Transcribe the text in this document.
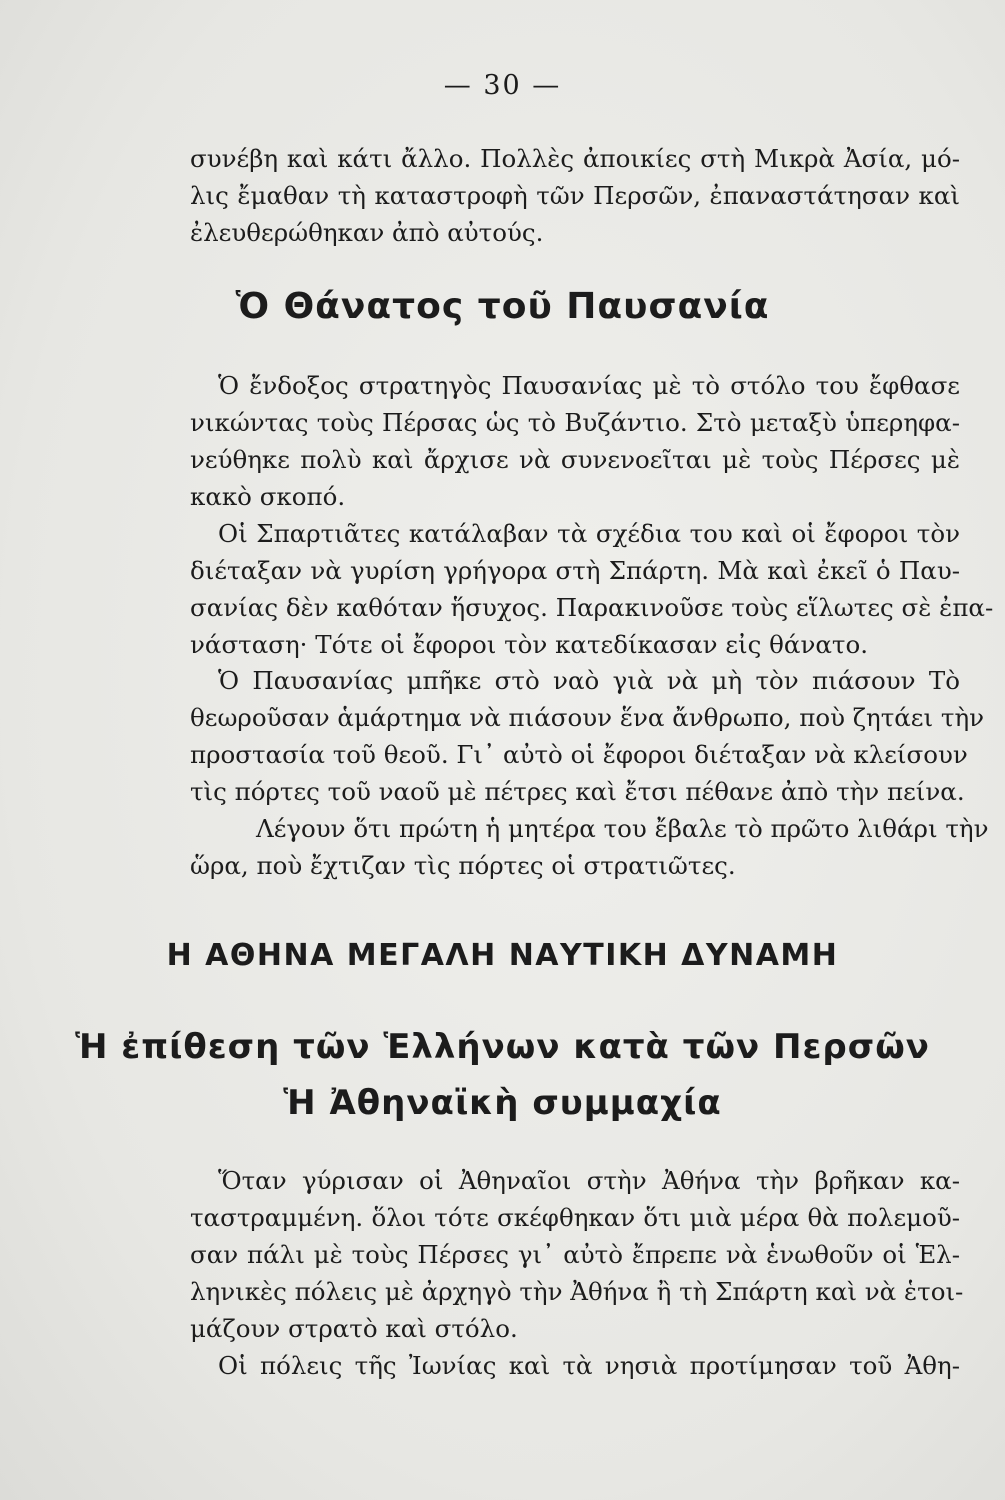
— 30 —
συνέβη καὶ κάτι ἄλλο. Πολλὲς ἀποικίες στὴ Μικρὰ Ἀσία, μό-
λις ἔμαθαν τὴ καταστροφὴ τῶν Περσῶν, ἐπαναστάτησαν καὶ
ἐλευθερώθηκαν ἀπὸ αὐτούς.
Ὁ Θάνατος τοῦ Παυσανία
Ὁ ἔνδοξος στρατηγὸς Παυσανίας μὲ τὸ στόλο του ἔφθασε
νικώντας τοὺς Πέρσας ὡς τὸ Βυζάντιο. Στὸ μεταξὺ ὑπερηφα-
νεύθηκε πολὺ καὶ ἄρχισε νὰ συνενοεῖται μὲ τοὺς Πέρσες μὲ
κακὸ σκοπό.
Οἱ Σπαρτιᾶτες κατάλαβαν τὰ σχέδια του καὶ οἱ ἔφοροι τὸν
διέταξαν νὰ γυρίση γρήγορα στὴ Σπάρτη. Μὰ καὶ ἐκεῖ ὁ Παυ-
σανίας δὲν καθόταν ἥσυχος. Παρακινοῦσε τοὺς εἵλωτες σὲ ἐπα-
νάσταση· Τότε οἱ ἔφοροι τὸν κατεδίκασαν εἰς θάνατο.
Ὁ Παυσανίας μπῆκε στὸ ναὸ γιὰ νὰ μὴ τὸν πιάσουν Τὸ
θεωροῦσαν ἁμάρτημα νὰ πιάσουν ἕνα ἄνθρωπο, ποὺ ζητάει τὴν
προστασία τοῦ θεοῦ. Γι᾿ αὐτὸ οἱ ἔφοροι διέταξαν νὰ κλείσουν
τὶς πόρτες τοῦ ναοῦ μὲ πέτρες καὶ ἔτσι πέθανε ἀπὸ τὴν πείνα.
Λέγουν ὅτι πρώτη ἡ μητέρα του ἔβαλε τὸ πρῶτο λιθάρι τὴν
ὥρα, ποὺ ἔχτιζαν τὶς πόρτες οἱ στρατιῶτες.
Η ΑΘΗΝΑ ΜΕΓΑΛΗ ΝΑΥΤΙΚΗ ΔΥΝΑΜΗ
Ἡ ἐπίθεση τῶν Ἑλλήνων κατὰ τῶν Περσῶν
Ἡ Ἀθηναϊκὴ συμμαχία
Ὅταν γύρισαν οἱ Ἀθηναῖοι στὴν Ἀθήνα τὴν βρῆκαν κα-
ταστραμμένη. ὅλοι τότε σκέφθηκαν ὅτι μιὰ μέρα θὰ πολεμοῦ-
σαν πάλι μὲ τοὺς Πέρσες γι᾿ αὐτὸ ἔπρεπε νὰ ἑνωθοῦν οἱ Ἑλ-
ληνικὲς πόλεις μὲ ἀρχηγὸ τὴν Ἀθήνα ἢ τὴ Σπάρτη καὶ νὰ ἑτοι-
μάζουν στρατὸ καὶ στόλο.
Οἱ πόλεις τῆς Ἰωνίας καὶ τὰ νησιὰ προτίμησαν τοῦ Ἀθη-
